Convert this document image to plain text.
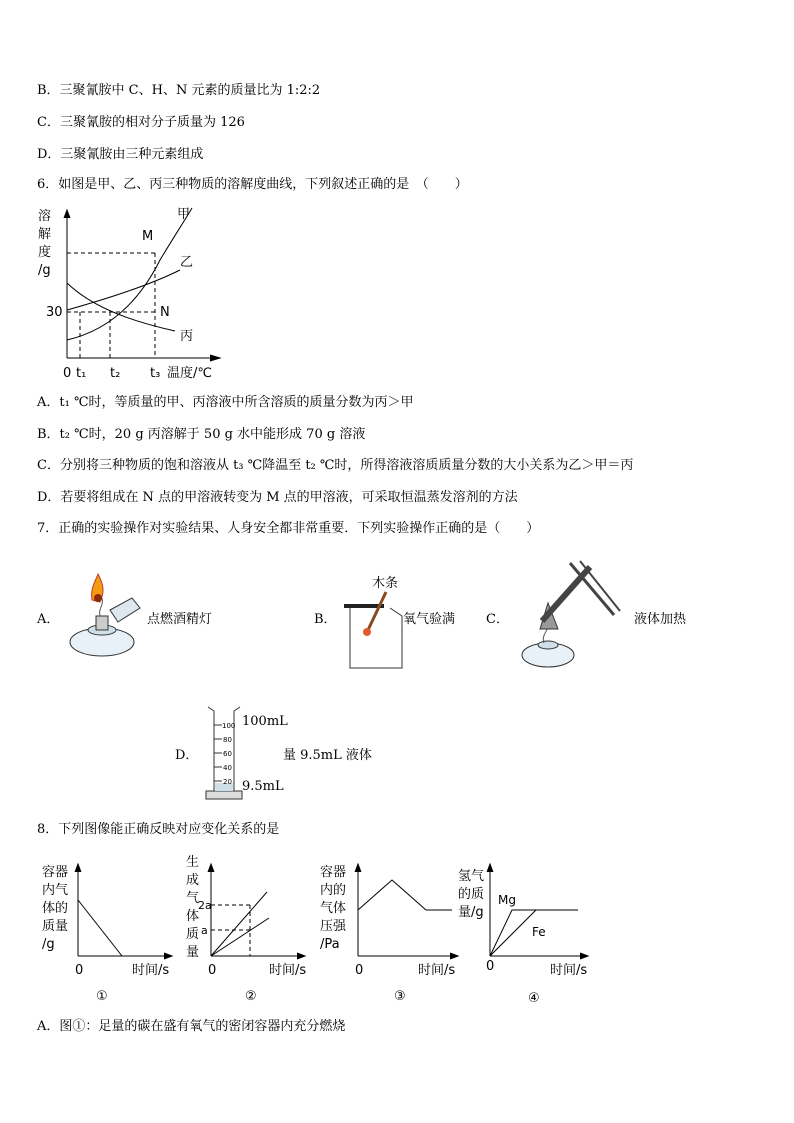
B．三聚氰胺中 C、H、N 元素的质量比为 1:2:2
C．三聚氰胺的相对分子质量为 126
D．三聚氰胺由三种元素组成
6．如图是甲、乙、丙三种物质的溶解度曲线，下列叙述正确的是　（　　）
溶
解
度
/g
30
0 t₁ t₂ t₃ 温度/℃
甲
乙
丙
M
N
A．t₁ ℃时，等质量的甲、丙溶液中所含溶质的质量分数为丙＞甲
B．t₂ ℃时，20 g 丙溶解于 50 g 水中能形成 70 g 溶液
C．分别将三种物质的饱和溶液从 t₃ ℃降温至 t₂ ℃时，所得溶液溶质质量分数的大小关系为乙＞甲＝丙
D．若要将组成在 N 点的甲溶液转变为 M 点的甲溶液，可采取恒温蒸发溶剂的方法
7．正确的实验操作对实验结果、人身安全都非常重要．下列实验操作正确的是（　　）
A．	点燃酒精灯	B．
木条
氧气验满 C．	液体加热
D．
100
80
60
40
20
100mL
9.5mL
量 9.5mL 液体
8．下列图像能正确反映对应变化关系的是
容器
内气
体的
质量
/g
0	时间/s
①
生
成
气
体
质
量
2a
a
0	时间/s
②
容器
内的
气体
压强
/Pa
0	时间/s
③
氢气
的质
量/g
Mg
Fe
0	时间/s
④
A．图①：足量的碳在盛有氧气的密闭容器内充分燃烧
